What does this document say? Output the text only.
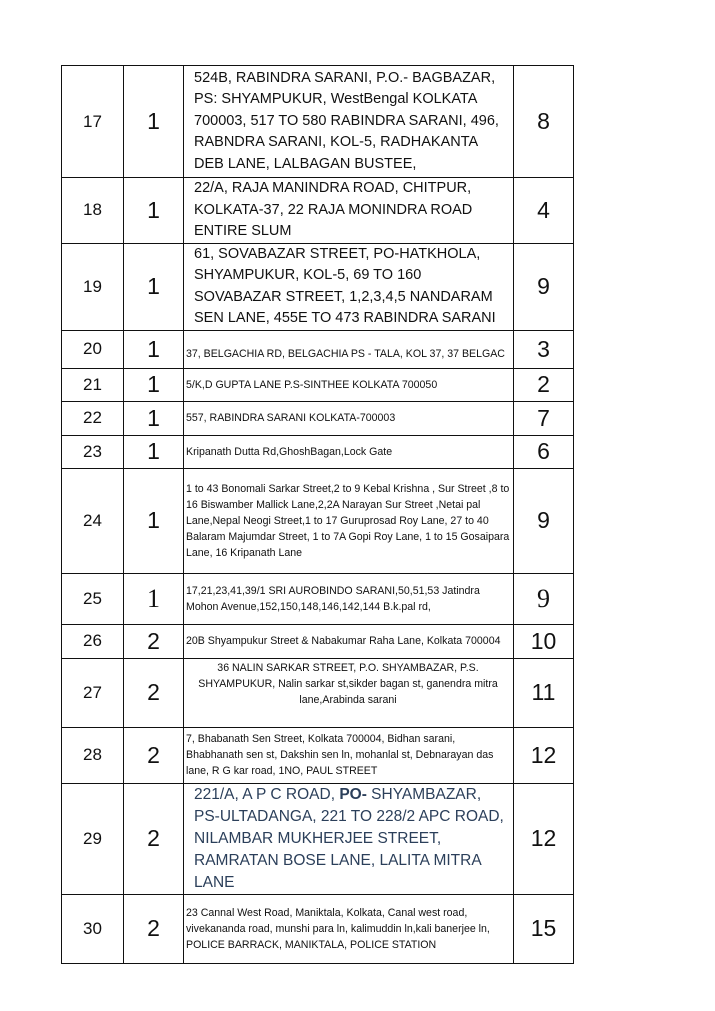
17	1	524B, RABINDRA SARANI, P.O.- BAGBAZAR, PS: SHYAMPUKUR, WestBengal KOLKATA 700003, 517 TO 580 RABINDRA SARANI, 496, RABNDRA SARANI, KOL-5, RADHAKANTA DEB LANE, LALBAGAN BUSTEE,	8
18	1	22/A, RAJA MANINDRA ROAD, CHITPUR, KOLKATA-37, 22 RAJA MONINDRA ROAD ENTIRE SLUM	4
19	1	61, SOVABAZAR STREET, PO-HATKHOLA, SHYAMPUKUR, KOL-5, 69 TO 160 SOVABAZAR STREET, 1,2,3,4,5 NANDARAM SEN LANE, 455E TO 473 RABINDRA SARANI	9
20	1	37, BELGACHIA RD, BELGACHIA PS - TALA, KOL 37, 37 BELGAC	3
21	1	5/K,D GUPTA LANE P.S-SINTHEE KOLKATA 700050	2
22	1	557, RABINDRA SARANI KOLKATA-700003	7
23	1	Kripanath Dutta Rd,GhoshBagan,Lock Gate	6
24	1	1 to 43 Bonomali Sarkar Street,2 to 9 Kebal Krishna , Sur Street ,8 to 16 Biswamber Mallick Lane,2,2A Narayan Sur Street ,Netai pal Lane,Nepal Neogi Street,1 to 17 Guruprosad Roy Lane, 27 to 40 Balaram Majumdar Street, 1 to 7A Gopi Roy Lane, 1 to 15 Gosaipara Lane, 16 Kripanath Lane	9
25	1	17,21,23,41,39/1 SRI AUROBINDO SARANI,50,51,53 Jatindra Mohon Avenue,152,150,148,146,142,144 B.k.pal rd,	9
26	2	20B Shyampukur Street & Nabakumar Raha Lane, Kolkata 700004	10
27	2	36 NALIN SARKAR STREET, P.O. SHYAMBAZAR, P.S. SHYAMPUKUR, Nalin sarkar st,sikder bagan st, ganendra mitra lane,Arabinda sarani	11
28	2	7, Bhabanath Sen Street, Kolkata 700004, Bidhan sarani, Bhabhanath sen st, Dakshin sen ln, mohanlal st, Debnarayan das lane, R G kar road, 1NO, PAUL STREET	12
29	2	221/A, A P C ROAD, PO- SHYAMBAZAR, PS-ULTADANGA, 221 TO 228/2 APC ROAD, NILAMBAR MUKHERJEE STREET, RAMRATAN BOSE LANE, LALITA MITRA LANE	12
30	2	23 Cannal West Road, Maniktala, Kolkata, Canal west road, vivekananda road, munshi para ln, kalimuddin ln,kali banerjee ln, POLICE BARRACK, MANIKTALA, POLICE STATION	15
